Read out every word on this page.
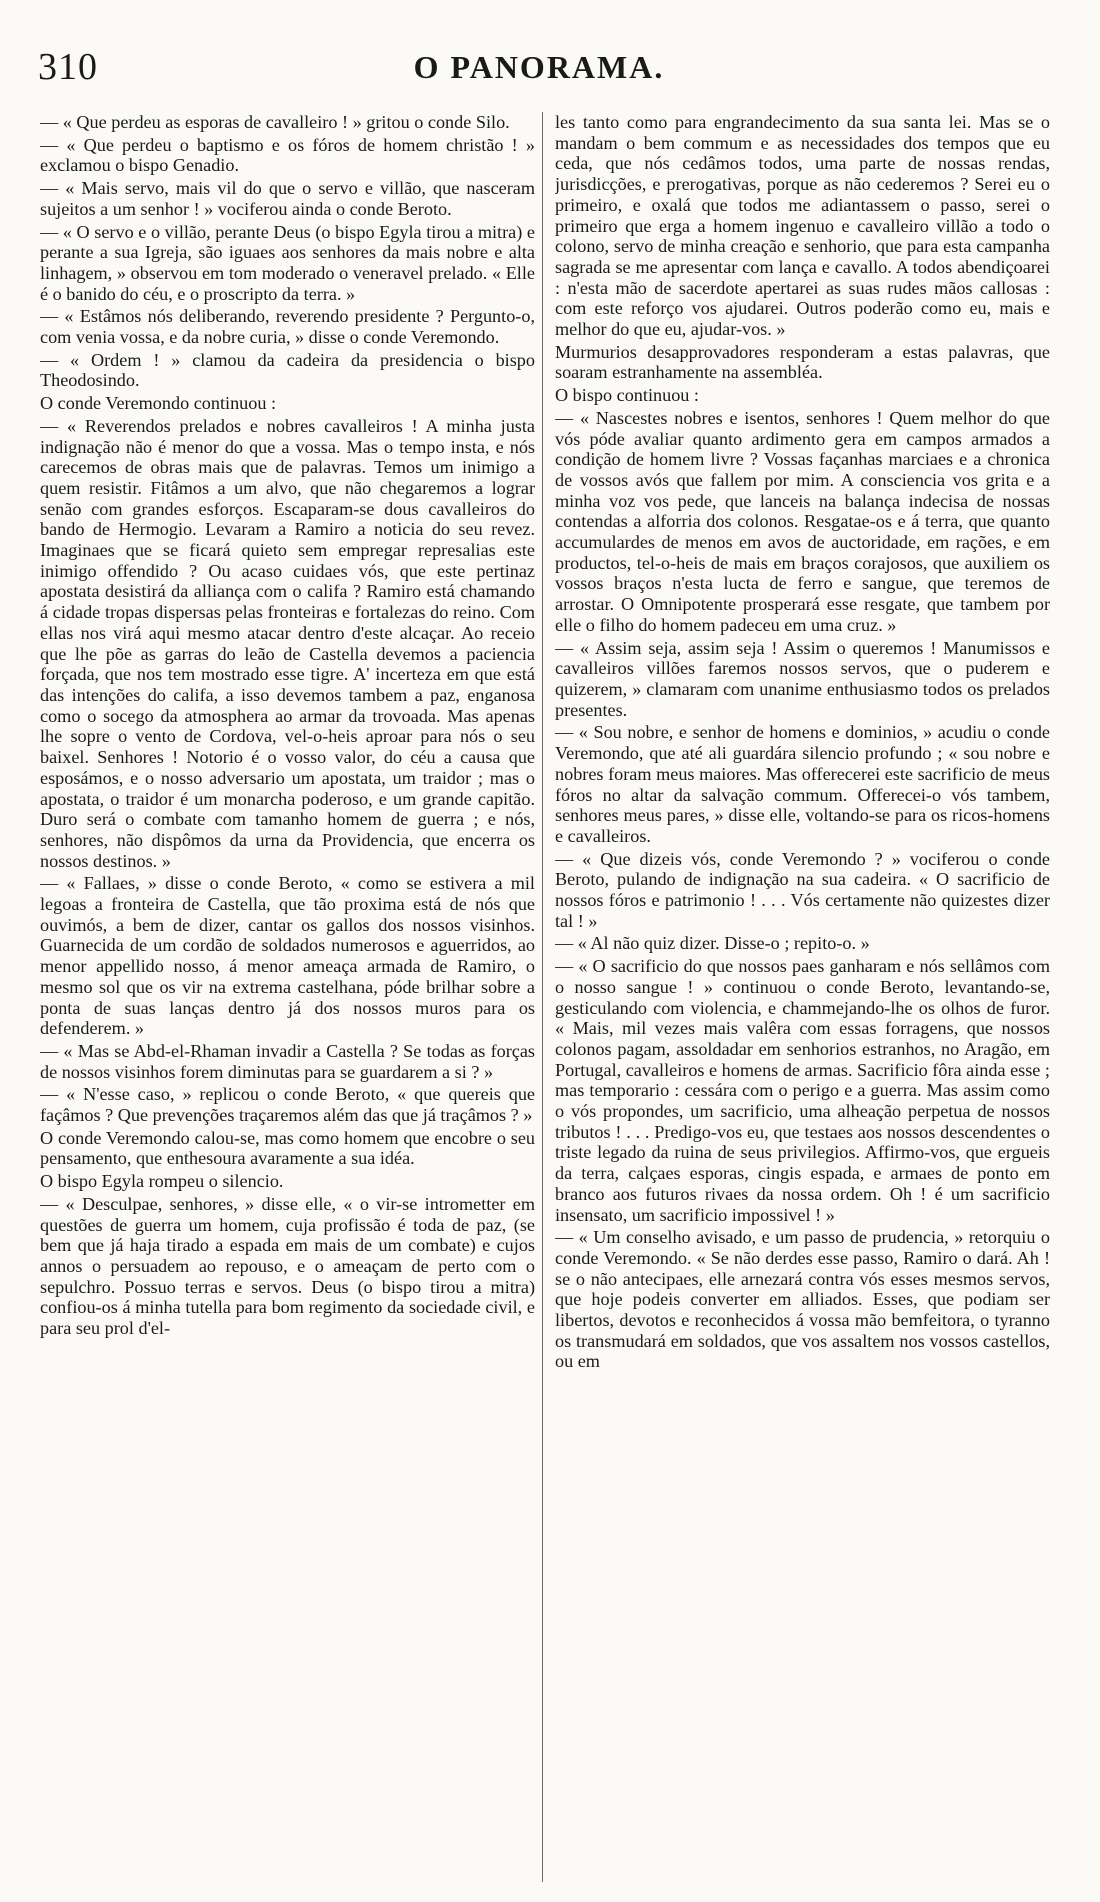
310	O PANORAMA.

— « Que perdeu as esporas de cavalleiro ! » gritou o conde Silo.

— « Que perdeu o baptismo e os fóros de homem christão ! » exclamou o bispo Genadio.

— « Mais servo, mais vil do que o servo e villão, que nasceram sujeitos a um senhor ! » vociferou ainda o conde Beroto.

— « O servo e o villão, perante Deus (o bispo Egyla tirou a mitra) e perante a sua Igreja, são iguaes aos senhores da mais nobre e alta linhagem, » observou em tom moderado o veneravel prelado. « Elle é o banido do céu, e o proscripto da terra. »

— « Estâmos nós deliberando, reverendo presidente ? Pergunto-o, com venia vossa, e da nobre curia, » disse o conde Veremondo.

— « Ordem ! » clamou da cadeira da presidencia o bispo Theodosindo.

O conde Veremondo continuou :

— « Reverendos prelados e nobres cavalleiros ! A minha justa indignação não é menor do que a vossa. Mas o tempo insta, e nós carecemos de obras mais que de palavras. Temos um inimigo a quem resistir. Fitâmos a um alvo, que não chegaremos a lograr senão com grandes esforços. Escaparam-se dous cavalleiros do bando de Hermogio. Levaram a Ramiro a noticia do seu revez. Imaginaes que se ficará quieto sem empregar represalias este inimigo offendido ? Ou acaso cuidaes vós, que este pertinaz apostata desistirá da alliança com o califa ? Ramiro está chamando á cidade tropas dispersas pelas fronteiras e fortalezas do reino. Com ellas nos virá aqui mesmo atacar dentro d'este alcaçar. Ao receio que lhe põe as garras do leão de Castella devemos a paciencia forçada, que nos tem mostrado esse tigre. A' incerteza em que está das intenções do califa, a isso devemos tambem a paz, enganosa como o socego da atmosphera ao armar da trovoada. Mas apenas lhe sopre o vento de Cordova, vel-o-heis aproar para nós o seu baixel. Senhores ! Notorio é o vosso valor, do céu a causa que esposámos, e o nosso adversario um apostata, um traidor ; mas o apostata, o traidor é um monarcha poderoso, e um grande capitão. Duro será o combate com tamanho homem de guerra ; e nós, senhores, não dispômos da urna da Providencia, que encerra os nossos destinos. »

— « Fallaes, » disse o conde Beroto, « como se estivera a mil legoas a fronteira de Castella, que tão proxima está de nós que ouvimós, a bem de dizer, cantar os gallos dos nossos visinhos. Guarnecida de um cordão de soldados numerosos e aguerridos, ao menor appellido nosso, á menor ameaça armada de Ramiro, o mesmo sol que os vir na extrema castelhana, póde brilhar sobre a ponta de suas lanças dentro já dos nossos muros para os defenderem. »

— « Mas se Abd-el-Rhaman invadir a Castella ? Se todas as forças de nossos visinhos forem diminutas para se guardarem a si ? »

— « N'esse caso, » replicou o conde Beroto, « que quereis que façâmos ? Que prevenções traçaremos além das que já traçâmos ? »

O conde Veremondo calou-se, mas como homem que encobre o seu pensamento, que enthesoura avaramente a sua idéa.

O bispo Egyla rompeu o silencio.

— « Desculpae, senhores, » disse elle, « o vir-se intrometter em questões de guerra um homem, cuja profissão é toda de paz, (se bem que já haja tirado a espada em mais de um combate) e cujos annos o persuadem ao repouso, e o ameaçam de perto com o sepulchro. Possuo terras e servos. Deus (o bispo tirou a mitra) confiou-os á minha tutella para bom regimento da sociedade civil, e para seu prol d'el-

les tanto como para engrandecimento da sua santa lei. Mas se o mandam o bem commum e as necessidades dos tempos que eu ceda, que nós cedâmos todos, uma parte de nossas rendas, jurisdicções, e prerogativas, porque as não cederemos ? Serei eu o primeiro, e oxalá que todos me adiantassem o passo, serei o primeiro que erga a homem ingenuo e cavalleiro villão a todo o colono, servo de minha creação e senhorio, que para esta campanha sagrada se me apresentar com lança e cavallo. A todos abendiçoarei : n'esta mão de sacerdote apertarei as suas rudes mãos callosas : com este reforço vos ajudarei. Outros poderão como eu, mais e melhor do que eu, ajudar-vos. »

Murmurios desapprovadores responderam a estas palavras, que soaram estranhamente na assembléa.

O bispo continuou :

— « Nascestes nobres e isentos, senhores ! Quem melhor do que vós póde avaliar quanto ardimento gera em campos armados a condição de homem livre ? Vossas façanhas marciaes e a chronica de vossos avós que fallem por mim. A consciencia vos grita e a minha voz vos pede, que lanceis na balança indecisa de nossas contendas a alforria dos colonos. Resgatae-os e á terra, que quanto accumulardes de menos em avos de auctoridade, em rações, e em productos, tel-o-heis de mais em braços corajosos, que auxiliem os vossos braços n'esta lucta de ferro e sangue, que teremos de arrostar. O Omnipotente prosperará esse resgate, que tambem por elle o filho do homem padeceu em uma cruz. »

— « Assim seja, assim seja ! Assim o queremos ! Manumissos e cavalleiros villões faremos nossos servos, que o puderem e quizerem, » clamaram com unanime enthusiasmo todos os prelados presentes.

— « Sou nobre, e senhor de homens e dominios, » acudiu o conde Veremondo, que até ali guardára silencio profundo ; « sou nobre e nobres foram meus maiores. Mas offerecerei este sacrificio de meus fóros no altar da salvação commum. Offerecei-o vós tambem, senhores meus pares, » disse elle, voltando-se para os ricos-homens e cavalleiros.

— « Que dizeis vós, conde Veremondo ? » vociferou o conde Beroto, pulando de indignação na sua cadeira. « O sacrificio de nossos fóros e patrimonio ! . . . Vós certamente não quizestes dizer tal ! »

— « Al não quiz dizer. Disse-o ; repito-o. »

— « O sacrificio do que nossos paes ganharam e nós sellâmos com o nosso sangue ! » continuou o conde Beroto, levantando-se, gesticulando com violencia, e chammejando-lhe os olhos de furor. « Mais, mil vezes mais valêra com essas forragens, que nossos colonos pagam, assoldadar em senhorios estranhos, no Aragão, em Portugal, cavalleiros e homens de armas. Sacrificio fôra ainda esse ; mas temporario : cessára com o perigo e a guerra. Mas assim como o vós propondes, um sacrificio, uma alheação perpetua de nossos tributos ! . . . Predigo-vos eu, que testaes aos nossos descendentes o triste legado da ruina de seus privilegios. Affirmo-vos, que ergueis da terra, calçaes esporas, cingis espada, e armaes de ponto em branco aos futuros rivaes da nossa ordem. Oh ! é um sacrificio insensato, um sacrificio impossivel ! »

— « Um conselho avisado, e um passo de prudencia, » retorquiu o conde Veremondo. « Se não derdes esse passo, Ramiro o dará. Ah ! se o não antecipaes, elle arnezará contra vós esses mesmos servos, que hoje podeis converter em alliados. Esses, que podiam ser libertos, devotos e reconhecidos á vossa mão bemfeitora, o tyranno os transmudará em soldados, que vos assaltem nos vossos castellos, ou em
